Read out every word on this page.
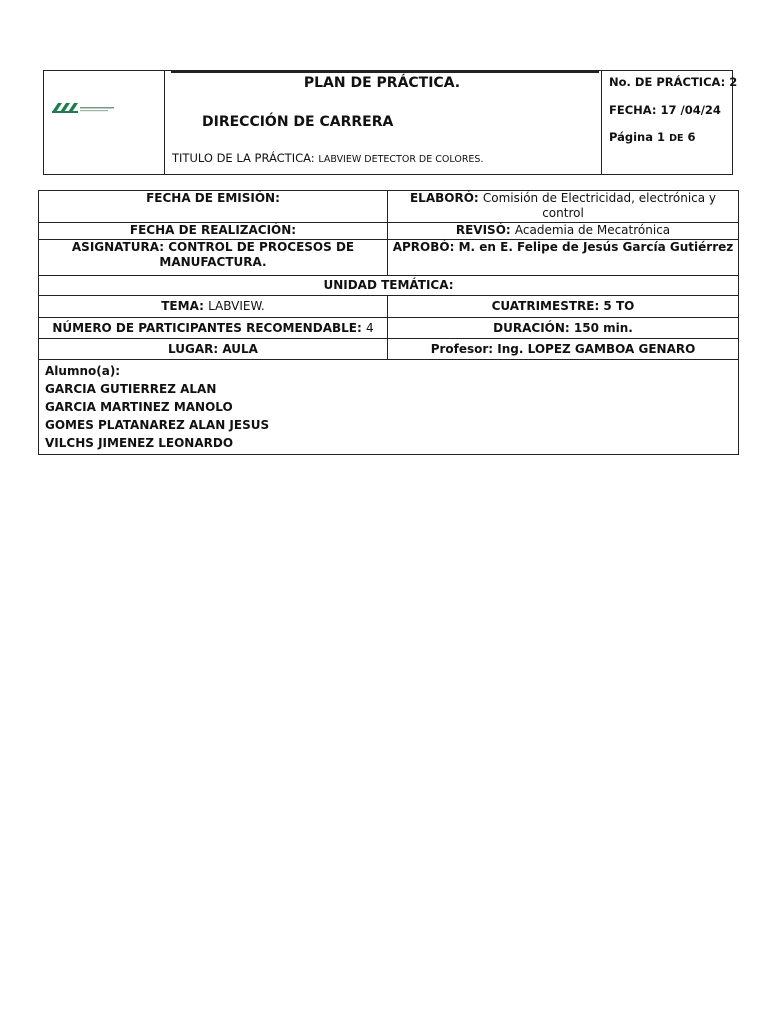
PLAN DE PRÁCTICA.
DIRECCIÓN DE CARRERA
TITULO DE LA PRÁCTICA: LABVIEW DETECTOR DE COLORES.
No. DE PRÁCTICA: 2
FECHA: 17 /04/24
Página 1 DE 6
FECHA DE EMISIÓN:	ELABORÓ: Comisión de Electricidad, electrónica y control
FECHA DE REALIZACIÓN:	REVISÓ: Academia de Mecatrónica
ASIGNATURA: CONTROL DE PROCESOS DE MANUFACTURA.	APROBÓ: M. en E. Felipe de Jesús García Gutiérrez
UNIDAD TEMÁTICA:	
TEMA: LABVIEW.	CUATRIMESTRE: 5 TO
NÚMERO DE PARTICIPANTES RECOMENDABLE: 4	DURACIÓN: 150 min.
LUGAR: AULA	Profesor: Ing. LOPEZ GAMBOA GENARO

Alumno(a):
GARCIA GUTIERREZ ALAN
GARCIA MARTINEZ MANOLO
GOMES PLATANAREZ ALAN JESUS
VILCHS JIMENEZ LEONARDO	
